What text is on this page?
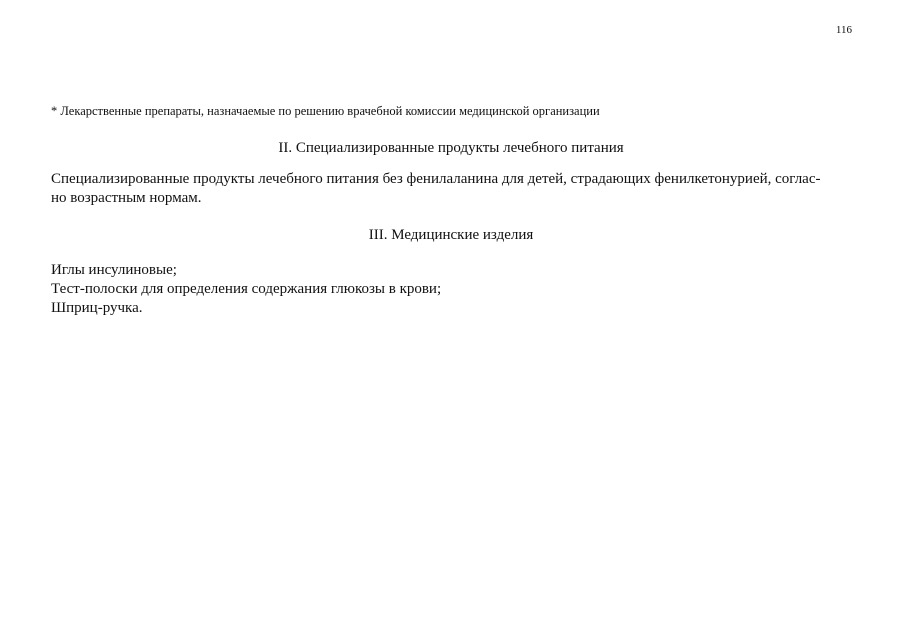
116
* Лекарственные препараты, назначаемые по решению врачебной комиссии медицинской организации
II. Специализированные продукты лечебного питания
Специализированные продукты лечебного питания без фенилаланина для детей, страдающих фенилкетонурией, соглас-
но возрастным нормам.
III. Медицинские изделия
Иглы инсулиновые;
Тест-полоски для определения содержания глюкозы в крови;
Шприц-ручка.
